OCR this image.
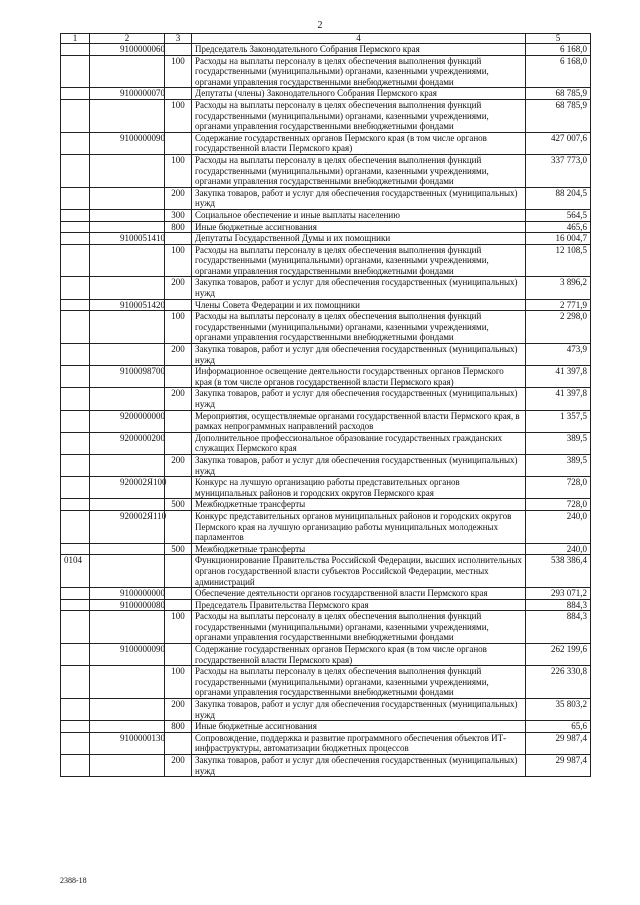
2
1	2	3	4	5
	9100000060		Председатель Законодательного Собрания Пермского края	6 168,0
		100	Расходы на выплаты персоналу в целях обеспечения выполнения функций государственными (муниципальными) органами, казенными учреждениями, органами управления государственными внебюджетными фондами	6 168,0
	9100000070		Депутаты (члены) Законодательного Собрания Пермского края	68 785,9
		100	Расходы на выплаты персоналу в целях обеспечения выполнения функций государственными (муниципальными) органами, казенными учреждениями, органами управления государственными внебюджетными фондами	68 785,9
	9100000090		Содержание государственных органов Пермского края (в том числе органов государственной власти Пермского края)	427 007,6
		100	Расходы на выплаты персоналу в целях обеспечения выполнения функций государственными (муниципальными) органами, казенными учреждениями, органами управления государственными внебюджетными фондами	337 773,0
		200	Закупка товаров, работ и услуг для обеспечения государственных (муниципальных) нужд	88 204,5
		300	Социальное обеспечение и иные выплаты населению	564,5
		800	Иные бюджетные ассигнования	465,6
	9100051410		Депутаты Государственной Думы и их помощники	16 004,7
		100	Расходы на выплаты персоналу в целях обеспечения выполнения функций государственными (муниципальными) органами, казенными учреждениями, органами управления государственными внебюджетными фондами	12 108,5
		200	Закупка товаров, работ и услуг для обеспечения государственных (муниципальных) нужд	3 896,2
	9100051420		Члены Совета Федерации и их помощники	2 771,9
		100	Расходы на выплаты персоналу в целях обеспечения выполнения функций государственными (муниципальными) органами, казенными учреждениями, органами управления государственными внебюджетными фондами	2 298,0
		200	Закупка товаров, работ и услуг для обеспечения государственных (муниципальных) нужд	473,9
	9100098700		Информационное освещение деятельности государственных органов Пермского края (в том числе органов государственной власти Пермского края)	41 397,8
		200	Закупка товаров, работ и услуг для обеспечения государственных (муниципальных) нужд	41 397,8
	9200000000		Мероприятия, осуществляемые органами государственной власти Пермского края, в рамках непрограммных направлений расходов	1 357,5
	9200000200		Дополнительное профессиональное образование государственных гражданских служащих Пермского края	389,5
		200	Закупка товаров, работ и услуг для обеспечения государственных (муниципальных) нужд	389,5
	920002Я100		Конкурс на лучшую организацию работы представительных органов муниципальных районов и городских округов Пермского края	728,0
		500	Межбюджетные трансферты	728,0
	920002Я110		Конкурс представительных органов муниципальных районов и городских округов Пермского края на лучшую организацию работы муниципальных молодежных парламентов	240,0
		500	Межбюджетные трансферты	240,0
0104			Функционирование Правительства Российской Федерации, высших исполнительных органов государственной власти субъектов Российской Федерации, местных администраций	538 386,4
	9100000000		Обеспечение деятельности органов государственной власти Пермского края	293 071,2
	9100000080		Председатель Правительства Пермского края	884,3
		100	Расходы на выплаты персоналу в целях обеспечения выполнения функций государственными (муниципальными) органами, казенными учреждениями, органами управления государственными внебюджетными фондами	884,3
	9100000090		Содержание государственных органов Пермского края (в том числе органов государственной власти Пермского края)	262 199,6
		100	Расходы на выплаты персоналу в целях обеспечения выполнения функций государственными (муниципальными) органами, казенными учреждениями, органами управления государственными внебюджетными фондами	226 330,8
		200	Закупка товаров, работ и услуг для обеспечения государственных (муниципальных) нужд	35 803,2
		800	Иные бюджетные ассигнования	65,6
	9100000130		Сопровождение, поддержка и развитие программного обеспечения объектов ИТ-инфраструктуры, автоматизации бюджетных процессов	29 987,4
		200	Закупка товаров, работ и услуг для обеспечения государственных (муниципальных) нужд	29 987,4
2388-18
